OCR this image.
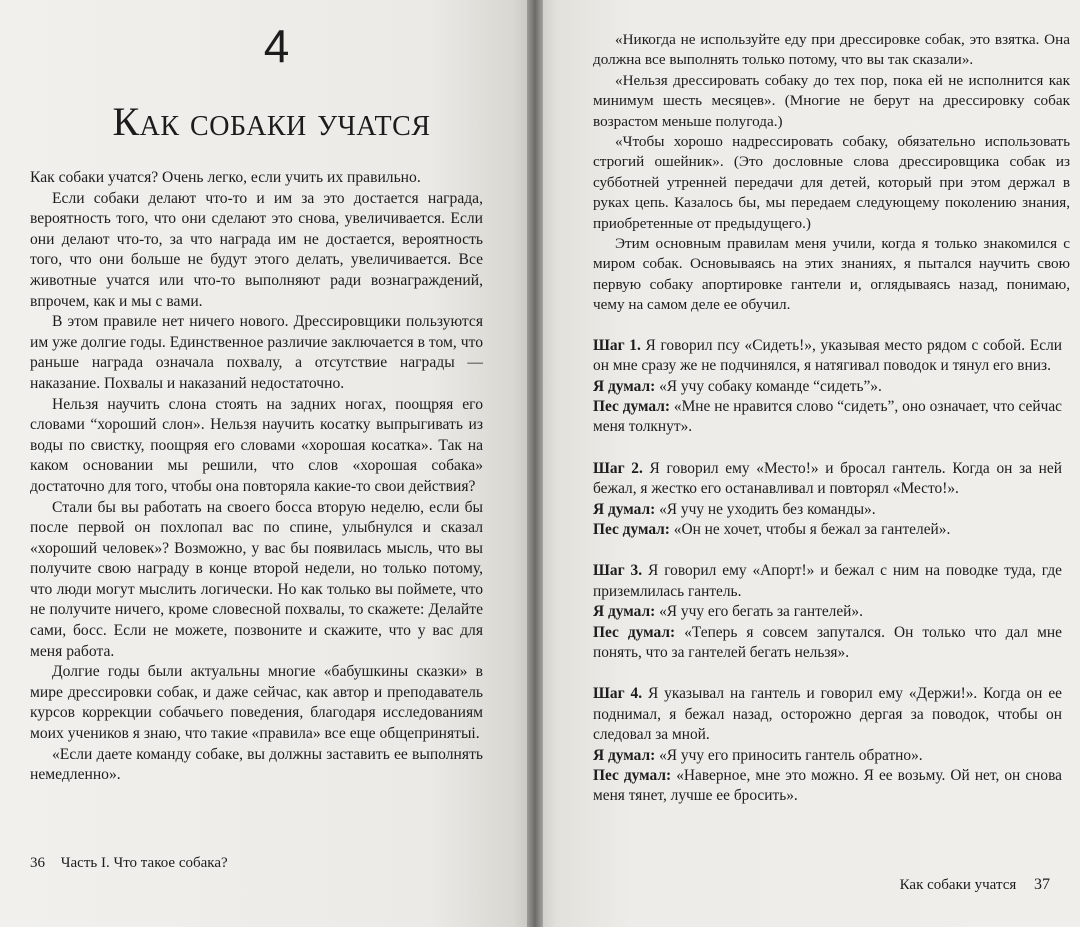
4
Как собаки учатся

Как собаки учатся? Очень легко, если учить их правильно.

Если собаки делают что-то и им за это достается награда, вероятность того, что они сделают это снова, увеличивается. Если они делают что-то, за что награда им не достается, вероятность того, что они больше не будут этого делать, увеличивается. Все животные учатся или что-то выполняют ради вознаграждений, впрочем, как и мы с вами.

В этом правиле нет ничего нового. Дрессировщики пользуются им уже долгие годы. Единственное различие заключается в том, что раньше награда означала похвалу, а отсутствие награды — наказание. Похвалы и наказаний недостаточно.

Нельзя научить слона стоять на задних ногах, поощряя его словами “хороший слон». Нельзя научить косатку выпрыгивать из воды по свистку, поощряя его словами «хорошая косатка». Так на каком основании мы решили, что слов «хорошая собака» достаточно для того, чтобы она повторяла какие-то свои действия?

Стали бы вы работать на своего босса вторую неделю, если бы после первой он похлопал вас по спине, улыбнулся и сказал «хороший человек»? Возможно, у вас бы появилась мысль, что вы получите свою награду в конце второй недели, но только потому, что люди могут мыслить логически. Но как только вы поймете, что не получите ничего, кроме словесной похвалы, то скажете: Делайте сами, босс. Если не можете, позвоните и скажите, что у вас для меня работа.

Долгие годы были актуальны многие «бабушкины сказки» в мире дрессировки собак, и даже сейчас, как автор и преподаватель курсов коррекции собачьего поведения, благодаря исследованиям моих учеников я знаю, что такие «правила» все еще общепринятыі.

«Если даете команду собаке, вы должны заставить ее выполнять немедленно».

36 Часть I. Что такое собака?

«Никогда не используйте еду при дрессировке собак, это взятка. Она должна все выполнять только потому, что вы так сказали».

«Нельзя дрессировать собаку до тех пор, пока ей не исполнится как минимум шесть месяцев». (Многие не берут на дрессировку собак возрастом меньше полугода.)

«Чтобы хорошо надрессировать собаку, обязательно использовать строгий ошейник». (Это дословные слова дрессировщика собак из субботней утренней передачи для детей, который при этом держал в руках цепь. Казалось бы, мы передаем следующему поколению знания, приобретенные от предыдущего.)

Этим основным правилам меня учили, когда я только знакомился с миром собак. Основываясь на этих знаниях, я пытался научить свою первую собаку апортировке гантели и, оглядываясь назад, понимаю, чему на самом деле ее обучил.

Шаг 1. Я говорил псу «Сидеть!», указывая место рядом с собой. Если он мне сразу же не подчинялся, я натягивал поводок и тянул его вниз.
Я думал: «Я учу собаку команде “сидеть”».
Пес думал: «Мне не нравится слово “сидеть”, оно означает, что сейчас меня толкнут».
Шаг 2. Я говорил ему «Место!» и бросал гантель. Когда он за ней бежал, я жестко его останавливал и повторял «Место!».
Я думал: «Я учу не уходить без команды».
Пес думал: «Он не хочет, чтобы я бежал за гантелей».
Шаг 3. Я говорил ему «Апорт!» и бежал с ним на поводке туда, где приземлилась гантель.
Я думал: «Я учу его бегать за гантелей».
Пес думал: «Теперь я совсем запутался. Он только что дал мне понять, что за гантелей бегать нельзя».
Шаг 4. Я указывал на гантель и говорил ему «Держи!». Когда он ее поднимал, я бежал назад, осторожно дергая за поводок, чтобы он следовал за мной.
Я думал: «Я учу его приносить гантель обратно».
Пес думал: «Наверное, мне это можно. Я ее возьму. Ой нет, он снова меня тянет, лучше ее бросить».
Как собаки учатся 37
